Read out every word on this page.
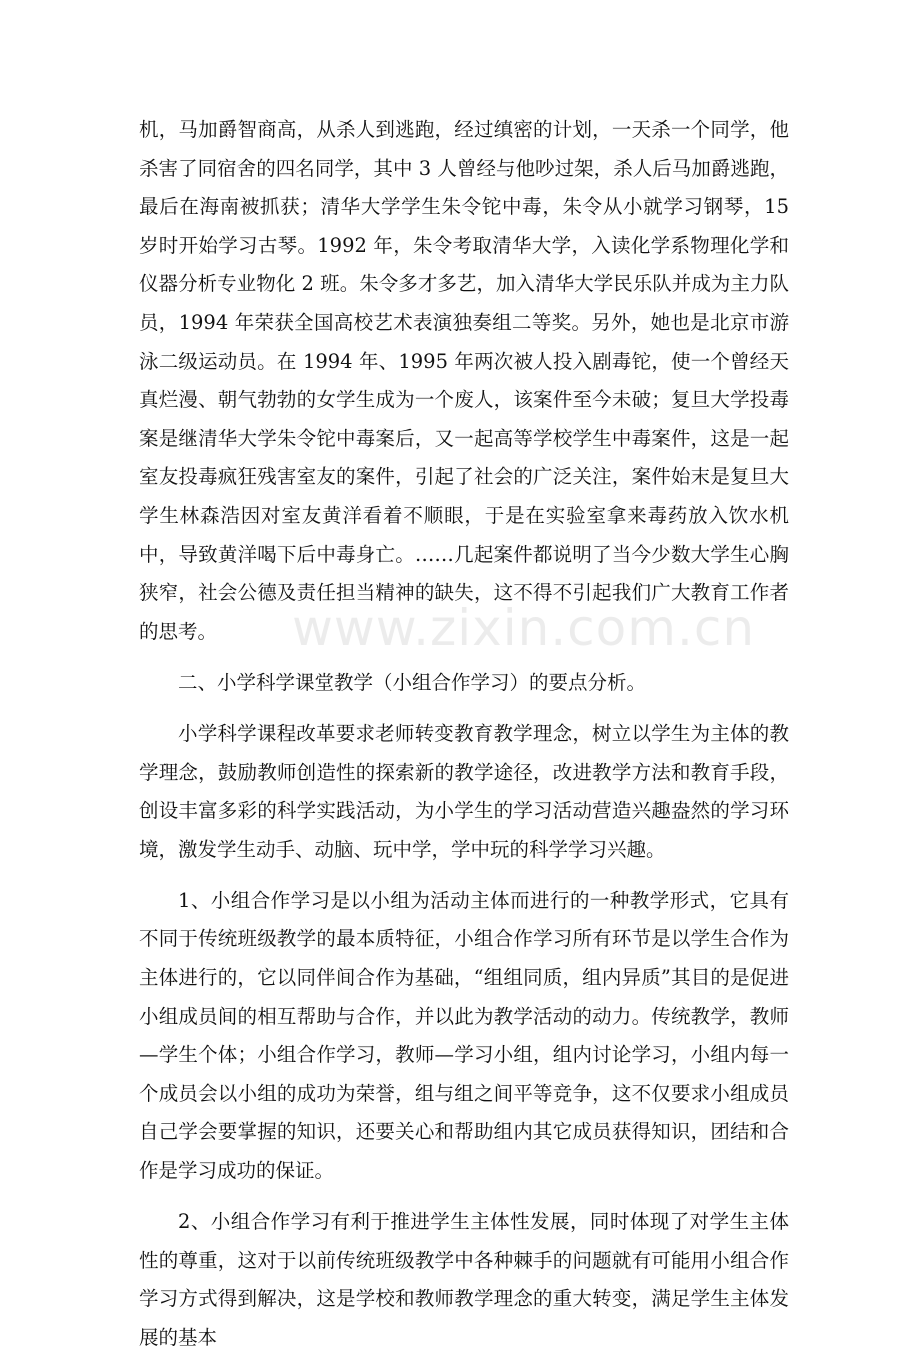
机，马加爵智商高，从杀人到逃跑，经过缜密的计划，一天杀一个同学，他杀害了同宿舍的四名同学，其中 3 人曾经与他吵过架，杀人后马加爵逃跑，最后在海南被抓获；清华大学学生朱令铊中毒，朱令从小就学习钢琴，15 岁时开始学习古琴。1992 年，朱令考取清华大学，入读化学系物理化学和仪器分析专业物化 2 班。朱令多才多艺，加入清华大学民乐队并成为主力队员，1994 年荣获全国高校艺术表演独奏组二等奖。另外，她也是北京市游泳二级运动员。在 1994 年、1995 年两次被人投入剧毒铊，使一个曾经天真烂漫、朝气勃勃的女学生成为一个废人，该案件至今未破；复旦大学投毒案是继清华大学朱令铊中毒案后，又一起高等学校学生中毒案件，这是一起室友投毒疯狂残害室友的案件，引起了社会的广泛关注，案件始末是复旦大学生林森浩因对室友黄洋看着不顺眼，于是在实验室拿来毒药放入饮水机中，导致黄洋喝下后中毒身亡。……几起案件都说明了当今少数大学生心胸狭窄，社会公德及责任担当精神的缺失，这不得不引起我们广大教育工作者的思考。

二、小学科学课堂教学（小组合作学习）的要点分析。

小学科学课程改革要求老师转变教育教学理念，树立以学生为主体的教学理念，鼓励教师创造性的探索新的教学途径，改进教学方法和教育手段，创设丰富多彩的科学实践活动，为小学生的学习活动营造兴趣盎然的学习环境，激发学生动手、动脑、玩中学，学中玩的科学学习兴趣。

1、小组合作学习是以小组为活动主体而进行的一种教学形式，它具有不同于传统班级教学的最本质特征，小组合作学习所有环节是以学生合作为主体进行的，它以同伴间合作为基础，“组组同质，组内异质”其目的是促进小组成员间的相互帮助与合作，并以此为教学活动的动力。传统教学，教师—学生个体；小组合作学习，教师—学习小组，组内讨论学习，小组内每一个成员会以小组的成功为荣誉，组与组之间平等竞争，这不仅要求小组成员自己学会要掌握的知识，还要关心和帮助组内其它成员获得知识，团结和合作是学习成功的保证。

2、小组合作学习有利于推进学生主体性发展，同时体现了对学生主体性的尊重，这对于以前传统班级教学中各种棘手的问题就有可能用小组合作学习方式得到解决，这是学校和教师教学理念的重大转变，满足学生主体发展的基本

www.zixin.com.cn
